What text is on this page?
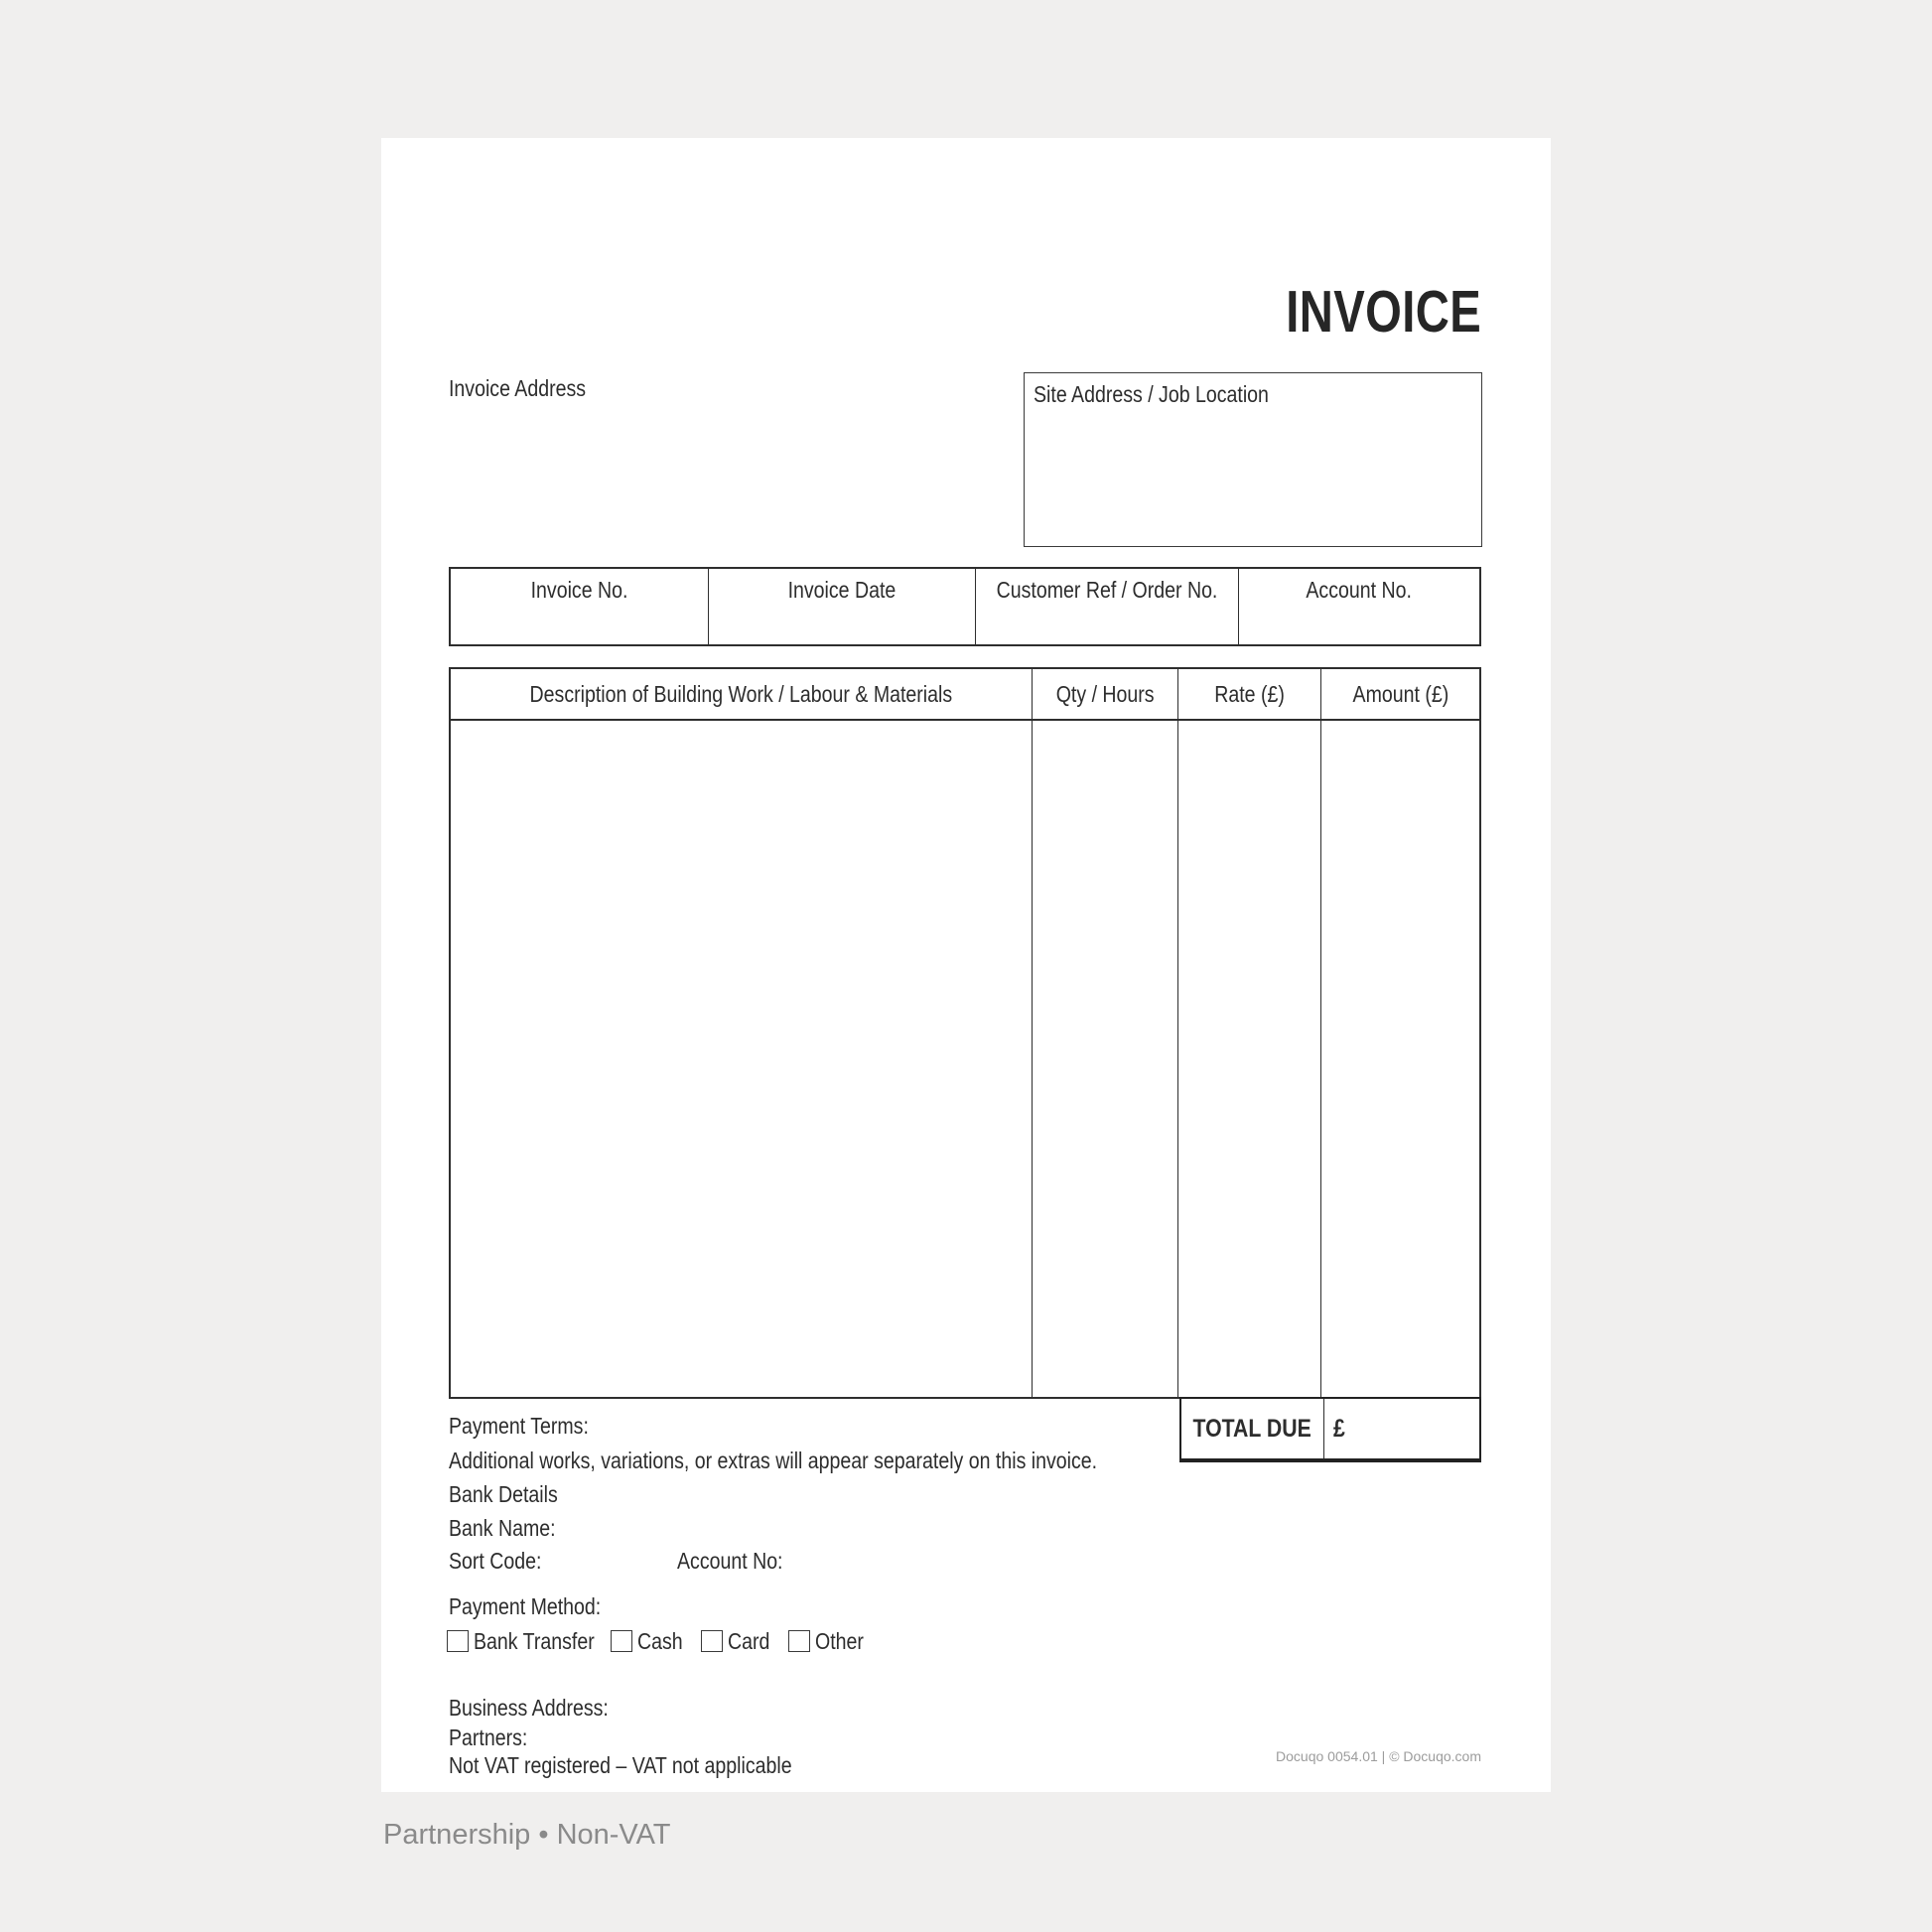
INVOICE
Invoice Address	Site Address / Job Location
Invoice No.	Invoice Date	Customer Ref / Order No.	Account No.
Description of Building Work / Labour & Materials	Qty / Hours	Rate (£)	Amount (£)
TOTAL DUE £
Payment Terms:
Additional works, variations, or extras will appear separately on this invoice.
Bank Details
Bank Name:
Sort Code:	Account No:
Payment Method:
Bank Transfer	Cash	Card	Other
Business Address:
Partners:
Not VAT registered – VAT not applicable	Docuqo 0054.01 | © Docuqo.com
Partnership • Non-VAT
